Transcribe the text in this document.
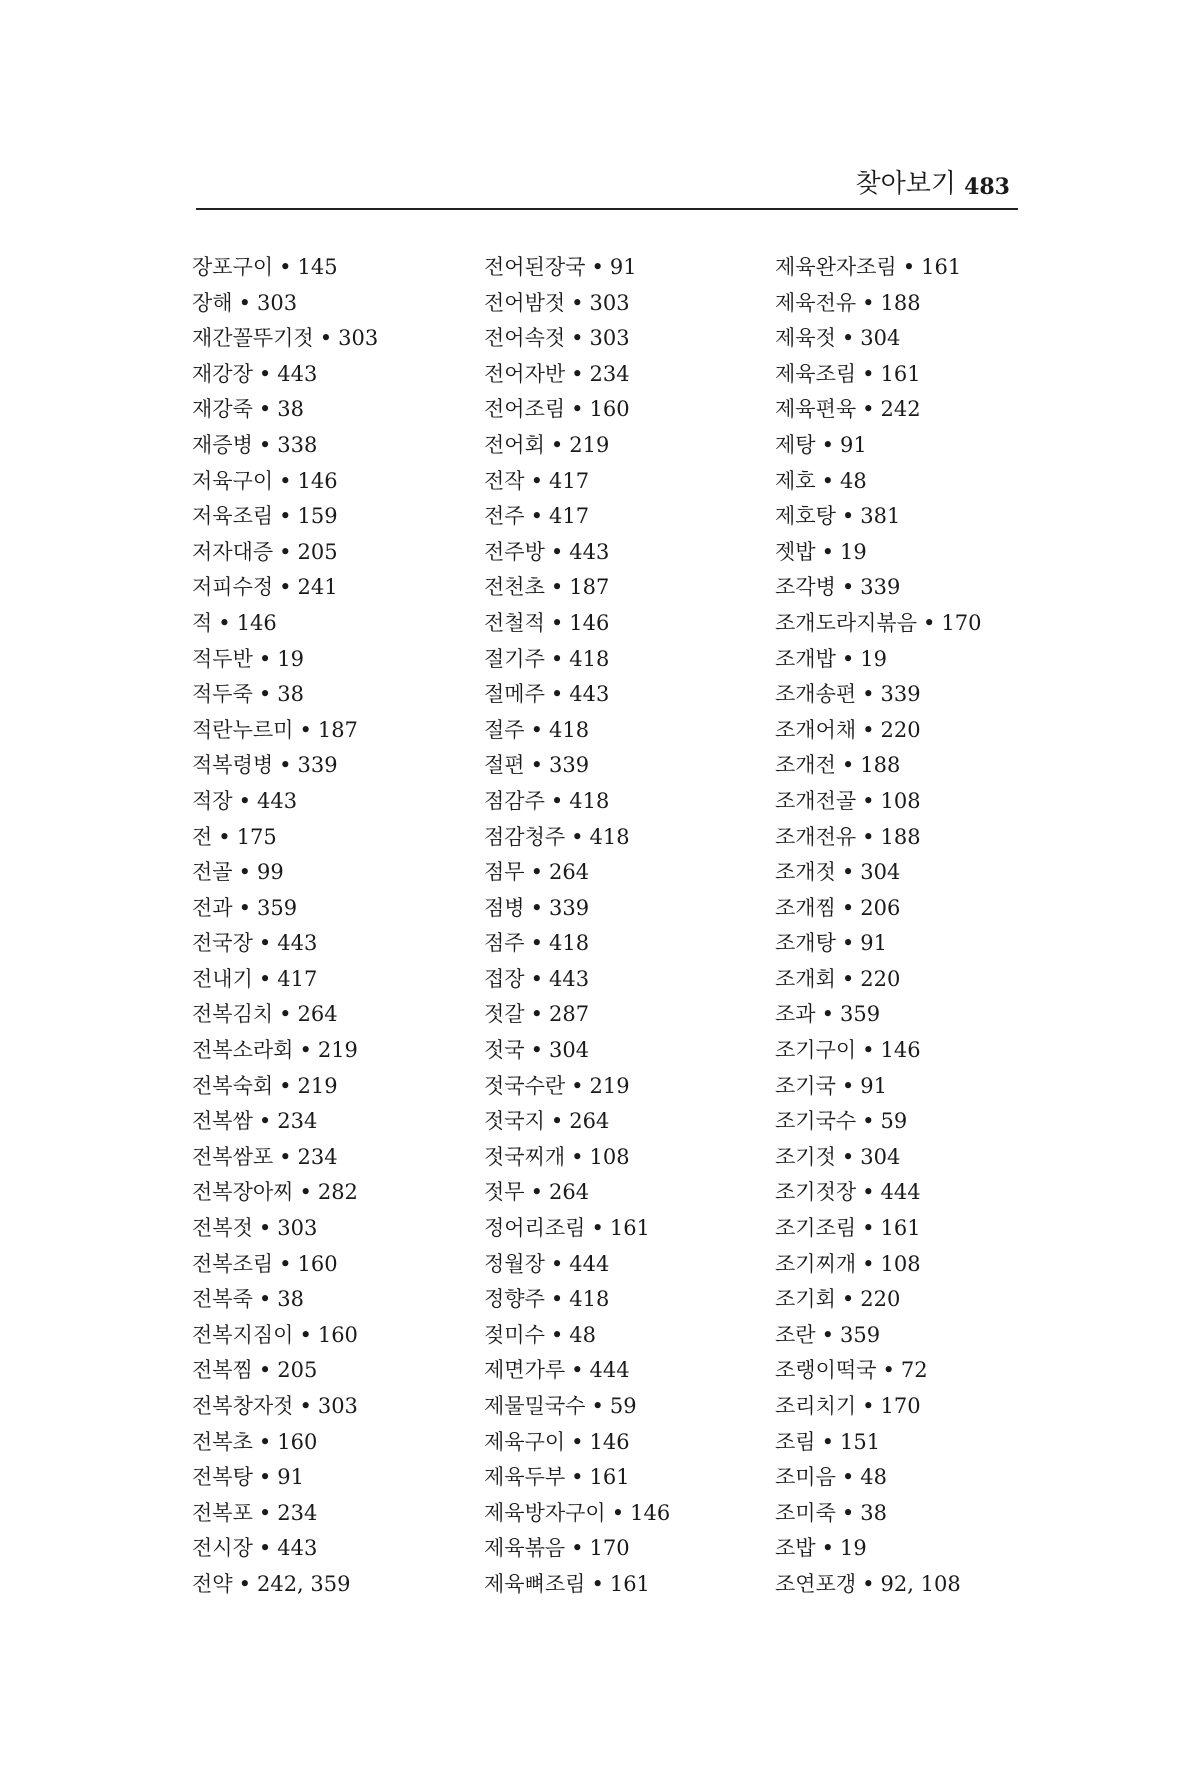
찾아보기 483
장포구이 • 145
장해 • 303
재간꼴뚜기젓 • 303
재강장 • 443
재강죽 • 38
재증병 • 338
저육구이 • 146
저육조림 • 159
저자대증 • 205
저피수정 • 241
적 • 146
적두반 • 19
적두죽 • 38
적란누르미 • 187
적복령병 • 339
적장 • 443
전 • 175
전골 • 99
전과 • 359
전국장 • 443
전내기 • 417
전복김치 • 264
전복소라회 • 219
전복숙회 • 219
전복쌈 • 234
전복쌈포 • 234
전복장아찌 • 282
전복젓 • 303
전복조림 • 160
전복죽 • 38
전복지짐이 • 160
전복찜 • 205
전복창자젓 • 303
전복초 • 160
전복탕 • 91
전복포 • 234
전시장 • 443
전약 • 242, 359
전어된장국 • 91
전어밤젓 • 303
전어속젓 • 303
전어자반 • 234
전어조림 • 160
전어회 • 219
전작 • 417
전주 • 417
전주방 • 443
전천초 • 187
전철적 • 146
절기주 • 418
절메주 • 443
절주 • 418
절편 • 339
점감주 • 418
점감청주 • 418
점무 • 264
점병 • 339
점주 • 418
접장 • 443
젓갈 • 287
젓국 • 304
젓국수란 • 219
젓국지 • 264
젓국찌개 • 108
젓무 • 264
정어리조림 • 161
정월장 • 444
정향주 • 418
젖미수 • 48
제면가루 • 444
제물밀국수 • 59
제육구이 • 146
제육두부 • 161
제육방자구이 • 146
제육볶음 • 170
제육뼈조림 • 161
제육완자조림 • 161
제육전유 • 188
제육젓 • 304
제육조림 • 161
제육편육 • 242
제탕 • 91
제호 • 48
제호탕 • 381
젯밥 • 19
조각병 • 339
조개도라지볶음 • 170
조개밥 • 19
조개송편 • 339
조개어채 • 220
조개전 • 188
조개전골 • 108
조개전유 • 188
조개젓 • 304
조개찜 • 206
조개탕 • 91
조개회 • 220
조과 • 359
조기구이 • 146
조기국 • 91
조기국수 • 59
조기젓 • 304
조기젓장 • 444
조기조림 • 161
조기찌개 • 108
조기회 • 220
조란 • 359
조랭이떡국 • 72
조리치기 • 170
조림 • 151
조미음 • 48
조미죽 • 38
조밥 • 19
조연포갱 • 92, 108
